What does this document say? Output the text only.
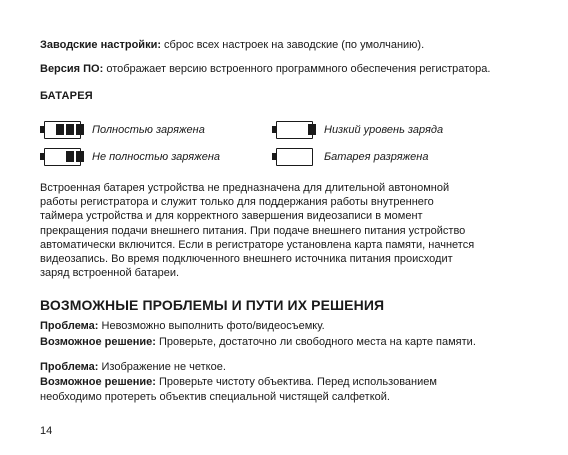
Заводские настройки: сброс всех настроек на заводские (по умолчанию).
Версия ПО: отображает версию встроенного программного обеспечения регистратора.
БАТАРЕЯ
Полностью заряжена	Низкий уровень заряда
Не полностью заряжена	Батарея разряжена
Встроенная батарея устройства не предназначена для длительной автономной
работы регистратора и служит только для поддержания работы внутреннего
таймера устройства и для корректного завершения видеозаписи в момент
прекращения подачи внешнего питания. При подаче внешнего питания устройство
автоматически включится. Если в регистраторе установлена карта памяти, начнется
видеозапись. Во время подключенного внешнего источника питания происходит
заряд встроенной батареи.
ВОЗМОЖНЫЕ ПРОБЛЕМЫ И ПУТИ ИХ РЕШЕНИЯ
Проблема: Невозможно выполнить фото/видеосъемку.
Возможное решение: Проверьте, достаточно ли свободного места на карте памяти.
Проблема: Изображение не четкое.
Возможное решение: Проверьте чистоту объектива. Перед использованием
необходимо протереть объектив специальной чистящей салфеткой.
14
